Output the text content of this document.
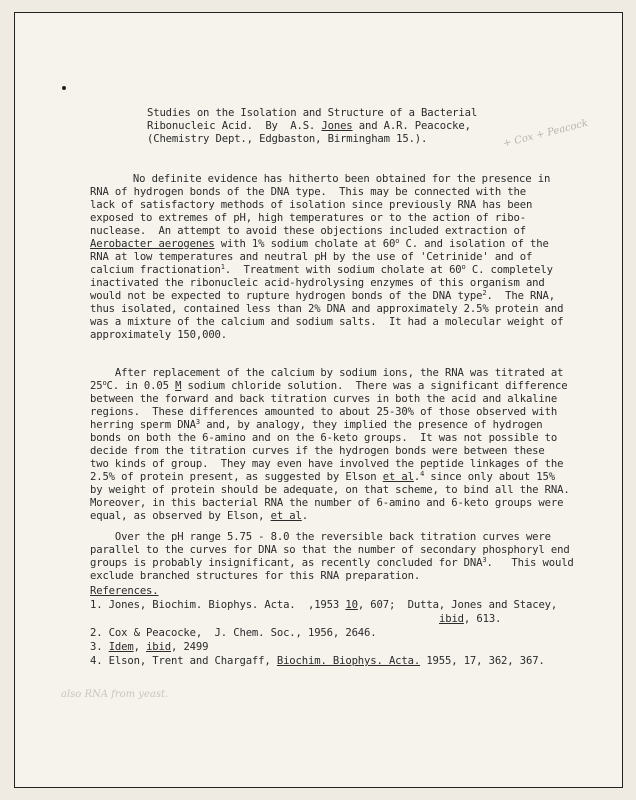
Studies on the Isolation and Structure of a Bacterial
Ribonucleic Acid.  By  A.S. Jones and A.R. Peacocke,
(Chemistry Dept., Edgbaston, Birmingham 15.).	+ Cox + Peacock
No definite evidence has hitherto been obtained for the presence in
RNA of hydrogen bonds of the DNA type.  This may be connected with the
lack of satisfactory methods of isolation since previously RNA has been
exposed to extremes of pH, high temperatures or to the action of ribo-
nuclease.  An attempt to avoid these objections included extraction of
Aerobacter aerogenes with 1% sodium cholate at 60$^o$ C. and isolation of the
RNA at low temperatures and neutral pH by the use of 'Cetrinide' and of
calcium fractionation$^1$.  Treatment with sodium cholate at 60$^o$ C. completely
inactivated the ribonucleic acid-hydrolysing enzymes of this organism and
would not be expected to rupture hydrogen bonds of the DNA type$^2$.  The RNA,
thus isolated, contained less than 2% DNA and approximately 2.5% protein and
was a mixture of the calcium and sodium salts.  It had a molecular weight of
approximately 150,000.
After replacement of the calcium by sodium ions, the RNA was titrated at
25$^o$C. in 0.05 M sodium chloride solution.  There was a significant difference
between the forward and back titration curves in both the acid and alkaline
regions.  These differences amounted to about 25-30% of those observed with
herring sperm DNA$^3$ and, by analogy, they implied the presence of hydrogen
bonds on both the 6-amino and on the 6-keto groups.  It was not possible to
decide from the titration curves if the hydrogen bonds were between these
two kinds of group.  They may even have involved the peptide linkages of the
2.5% of protein present, as suggested by Elson et al.$^4$ since only about 15%
by weight of protein should be adequate, on that scheme, to bind all the RNA.
Moreover, in this bacterial RNA the number of 6-amino and 6-keto groups were
equal, as observed by Elson, et al.
Over the pH range 5.75 - 8.0 the reversible back titration curves were
parallel to the curves for DNA so that the number of secondary phosphoryl end
groups is probably insignificant, as recently concluded for DNA$^3$.   This would
exclude branched structures for this RNA preparation.
References.
1. Jones, Biochim. Biophys. Acta.  ,1953 10, 607;  Dutta, Jones and Stacey,
ibid, 613.
2. Cox & Peacocke,  J. Chem. Soc., 1956, 2646.
3. Idem, ibid, 2499
4. Elson, Trent and Chargaff, Biochim. Biophys. Acta. 1955, 17, 362, 367.
also RNA from yeast.
